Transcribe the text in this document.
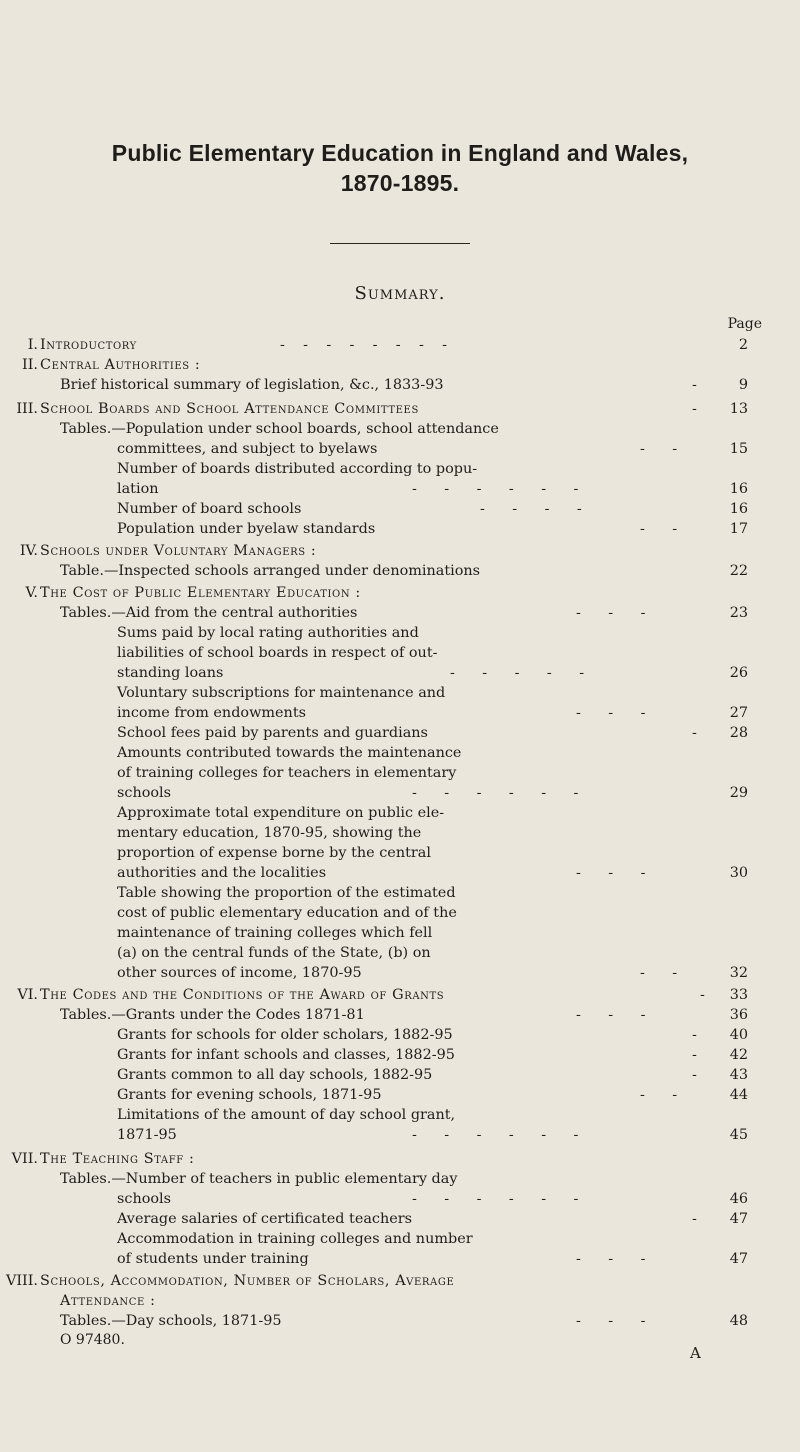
Public Elementary Education in England and Wales,
1870-1895.
Summary.
Page
I. Introductory	-    -    -    -    -    -    -    -	2
II. Central Authorities :
Brief historical summary of legislation, &c., 1833-93	-	9
III. School Boards and School Attendance Committees	-	13
Tables.—Population under school boards, school attendance
committees, and subject to byelaws	-      -	15
Number of boards distributed according to popu-
lation	-      -      -      -      -      -	16
Number of board schools	-      -      -      -	16
Population under byelaw standards	-      -	17
IV. Schools under Voluntary Managers :
Table.—Inspected schools arranged under denominations	22
V. The Cost of Public Elementary Education :
Tables.—Aid from the central authorities	-      -      -	23
Sums paid by local rating authorities and
liabilities of school boards in respect of out-
standing loans	-      -      -      -      -	26
Voluntary subscriptions for maintenance and
income from endowments	-      -      -	27
School fees paid by parents and guardians	-	28
Amounts contributed towards the maintenance
of training colleges for teachers in elementary
schools	-      -      -      -      -      -	29
Approximate total expenditure on public ele-
mentary education, 1870-95, showing the
proportion of expense borne by the central
authorities and the localities	-      -      -	30
Table showing the proportion of the estimated
cost of public elementary education and of the
maintenance of training colleges which fell
(a) on the central funds of the State, (b) on
other sources of income, 1870-95	-      -	32
VI. The Codes and the Conditions of the Award of Grants	-	33
Tables.—Grants under the Codes 1871-81	-      -      -	36
Grants for schools for older scholars, 1882-95	-	40
Grants for infant schools and classes, 1882-95	-	42
Grants common to all day schools, 1882-95	-	43
Grants for evening schools, 1871-95	-      -	44
Limitations of the amount of day school grant,
1871-95	-      -      -      -      -      -	45
VII. The Teaching Staff :
Tables.—Number of teachers in public elementary day
schools	-      -      -      -      -      -	46
Average salaries of certificated teachers	-	47
Accommodation in training colleges and number
of students under training	-      -      -	47
VIII. Schools, Accommodation, Number of Scholars, Average
Attendance :
Tables.—Day schools, 1871-95	-      -      -	48
O 97480.
A
